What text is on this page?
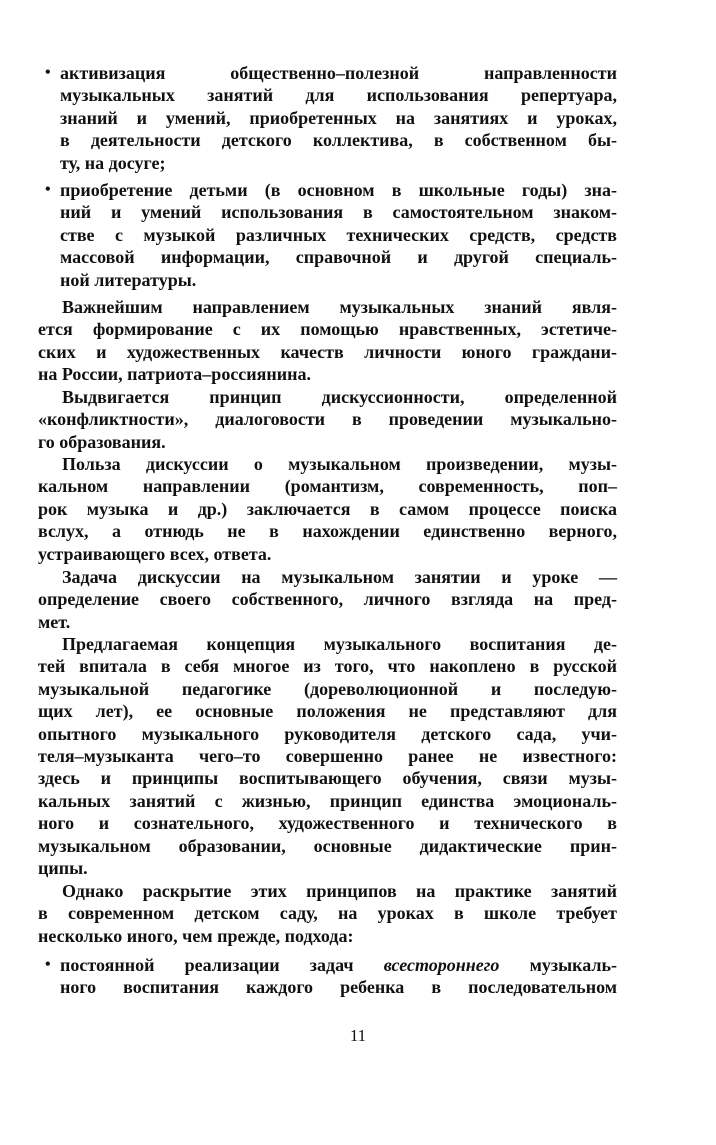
• активизация общественно–полезной направленности
музыкальных занятий для использования репертуара,
знаний и умений, приобретенных на занятиях и уроках,
в деятельности детского коллектива, в собственном бы-
ту, на досуге;
• приобретение детьми (в основном в школьные годы) зна-
ний и умений использования в самостоятельном знаком-
стве с музыкой различных технических средств, средств
массовой информации, справочной и другой специаль-
ной литературы.
Важнейшим направлением музыкальных знаний явля-
ется формирование с их помощью нравственных, эстетиче-
ских и художественных качеств личности юного граждани-
на России, патриота–россиянина.
Выдвигается принцип дискуссионности, определенной
«конфликтности», диалоговости в проведении музыкально-
го образования.
Польза дискуссии о музыкальном произведении, музы-
кальном направлении (романтизм, современность, поп–
рок музыка и др.) заключается в самом процессе поиска
вслух, а отнюдь не в нахождении единственно верного,
устраивающего всех, ответа.
Задача дискуссии на музыкальном занятии и уроке —
определение своего собственного, личного взгляда на пред-
мет.
Предлагаемая концепция музыкального воспитания де-
тей впитала в себя многое из того, что накоплено в русской
музыкальной педагогике (дореволюционной и последую-
щих лет), ее основные положения не представляют для
опытного музыкального руководителя детского сада, учи-
теля–музыканта чего–то совершенно ранее не известного:
здесь и принципы воспитывающего обучения, связи музы-
кальных занятий с жизнью, принцип единства эмоциональ-
ного и сознательного, художественного и технического в
музыкальном образовании, основные дидактические прин-
ципы.
Однако раскрытие этих принципов на практике занятий
в современном детском саду, на уроках в школе требует
несколько иного, чем прежде, подхода:
• постоянной реализации задач всестороннего музыкаль-
ного воспитания каждого ребенка в последовательном
11
